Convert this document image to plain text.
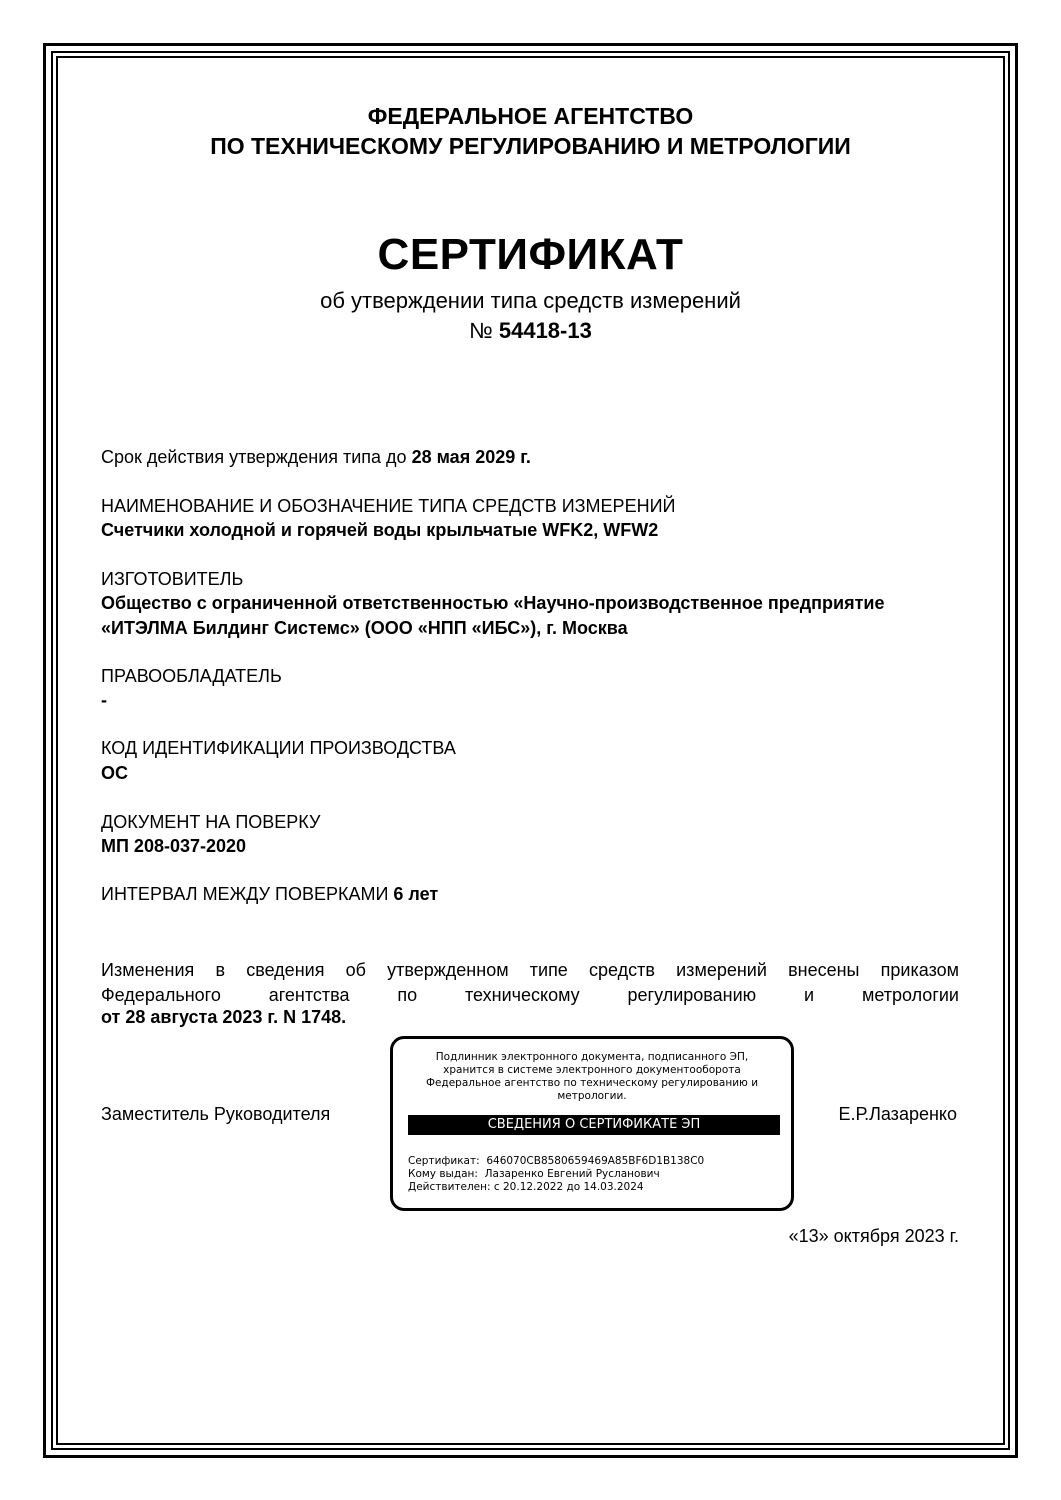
ФЕДЕРАЛЬНОЕ АГЕНТСТВО
ПО ТЕХНИЧЕСКОМУ РЕГУЛИРОВАНИЮ И МЕТРОЛОГИИ
СЕРТИФИКАТ
об утверждении типа средств измерений
№ 54418-13
Срок действия утверждения типа до 28 мая 2029 г.
НАИМЕНОВАНИЕ И ОБОЗНАЧЕНИЕ ТИПА СРЕДСТВ ИЗМЕРЕНИЙ
Счетчики холодной и горячей воды крыльчатые WFK2, WFW2
ИЗГОТОВИТЕЛЬ
Общество с ограниченной ответственностью «Научно-производственное предприятие
«ИТЭЛМА Билдинг Системс» (ООО «НПП «ИБС»), г. Москва
ПРАВООБЛАДАТЕЛЬ
-
КОД ИДЕНТИФИКАЦИИ ПРОИЗВОДСТВА
ОС
ДОКУМЕНТ НА ПОВЕРКУ
МП 208-037-2020
ИНТЕРВАЛ МЕЖДУ ПОВЕРКАМИ 6 лет
Изменения в сведения об утвержденном типе средств измерений внесены приказом
Федерального агентства по техническому регулированию и метрологии
от 28 августа 2023 г. N 1748.
Заместитель Руководителя
Подлинник электронного документа, подписанного ЭП,
хранится в системе электронного документооборота
Федеральное агентство по техническому регулированию и
метрологии.
СВЕДЕНИЯ О СЕРТИФИКАТЕ ЭП
Сертификат: 646070CB8580659469A85BF6D1B138C0
Кому выдан: Лазаренко Евгений Русланович
Действителен: с 20.12.2022 до 14.03.2024
Е.Р.Лазаренко
«13» октября 2023 г.
